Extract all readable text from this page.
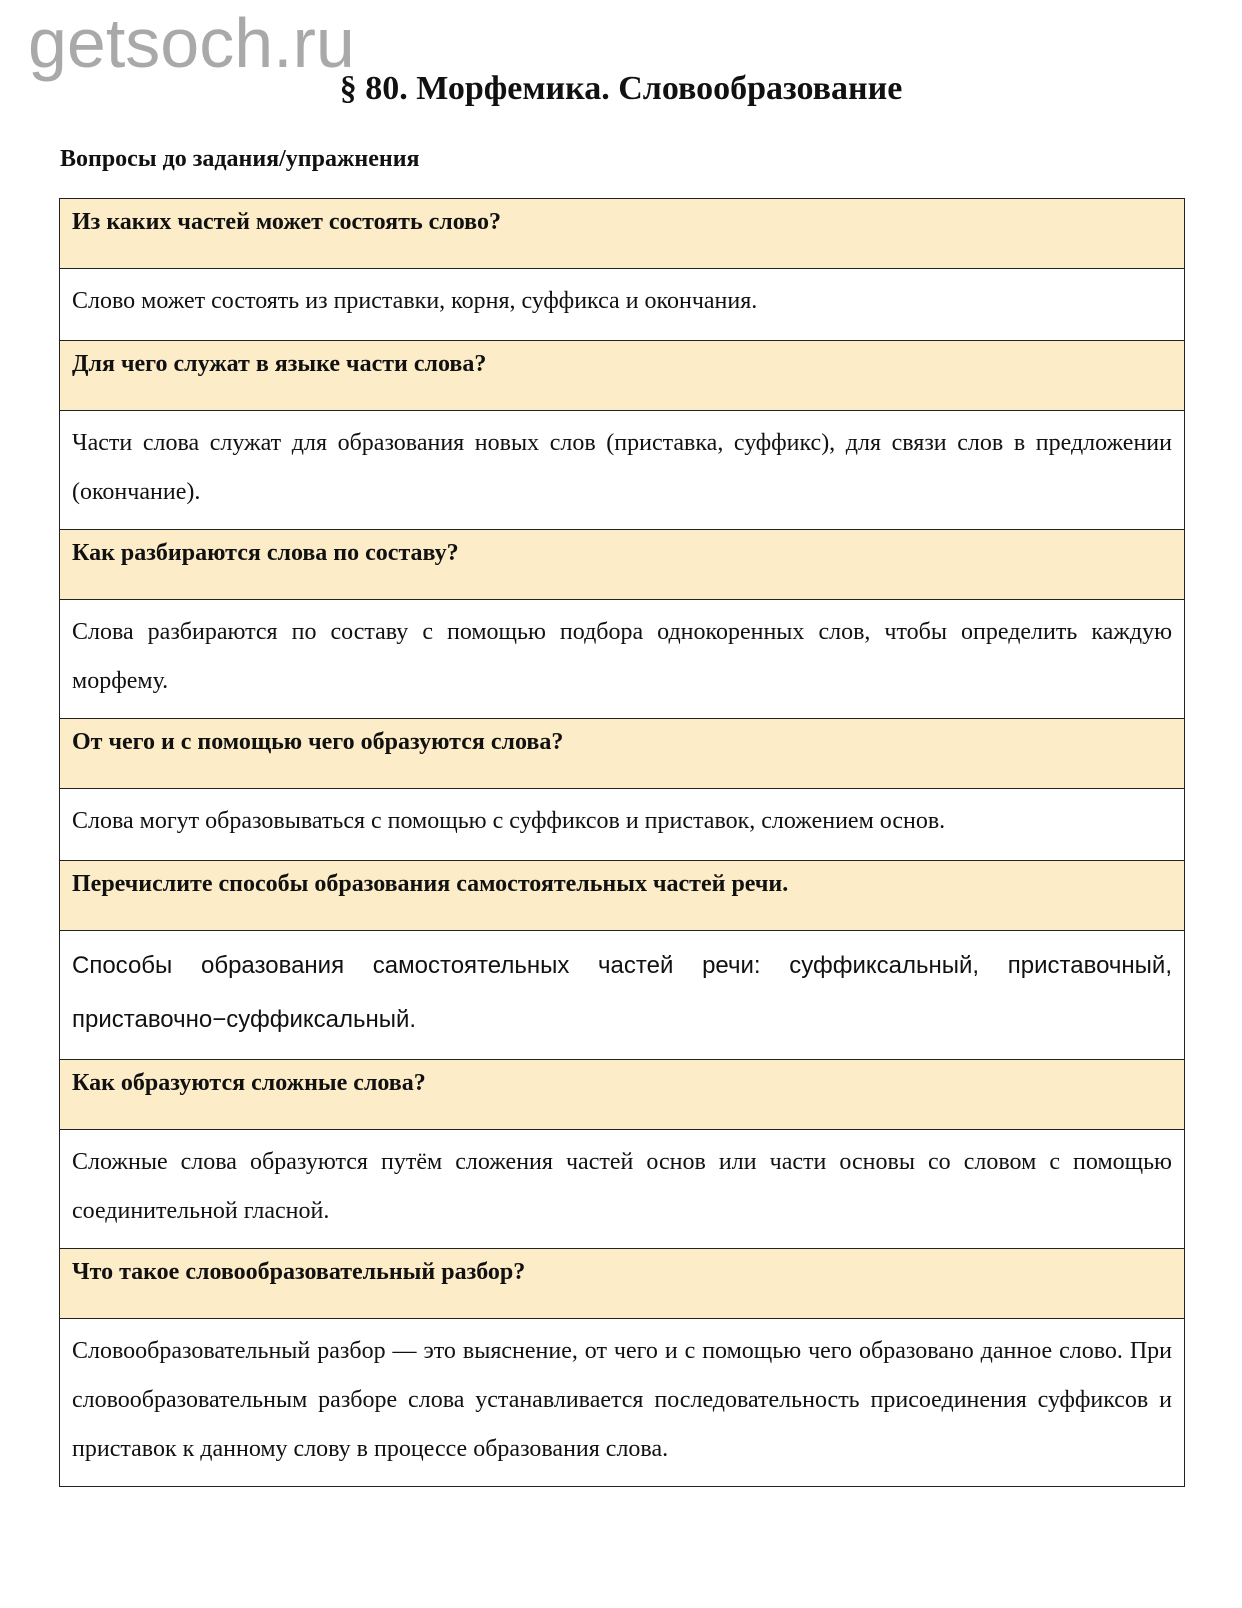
getsoch.ru
§ 80. Морфемика. Словообразование

Вопросы до задания/упражнения

Из каких частей может состоять слово?
Слово может состоять из приставки, корня, суффикса и окончания.
Для чего служат в языке части слова?
Части слова служат для образования новых слов (приставка, суффикс), для связи слов в предложении (окончание).
Как разбираются слова по составу?
Слова разбираются по составу с помощью подбора однокоренных слов, чтобы определить каждую морфему.
От чего и с помощью чего образуются слова?
Слова могут образовываться с помощью с суффиксов и приставок, сложением основ.
Перечислите способы образования самостоятельных частей речи.
Способы образования самостоятельных частей речи: суффиксальный, приставочный, приставочно−суффиксальный.
Как образуются сложные слова?
Сложные слова образуются путём сложения частей основ или части основы со словом с помощью соединительной гласной.
Что такое словообразовательный разбор?
Словообразовательный разбор — это выяснение, от чего и с помощью чего образовано данное слово. При словообразовательным разборе слова устанавливается последовательность присоединения суффиксов и приставок к данному слову в процессе образования слова.
